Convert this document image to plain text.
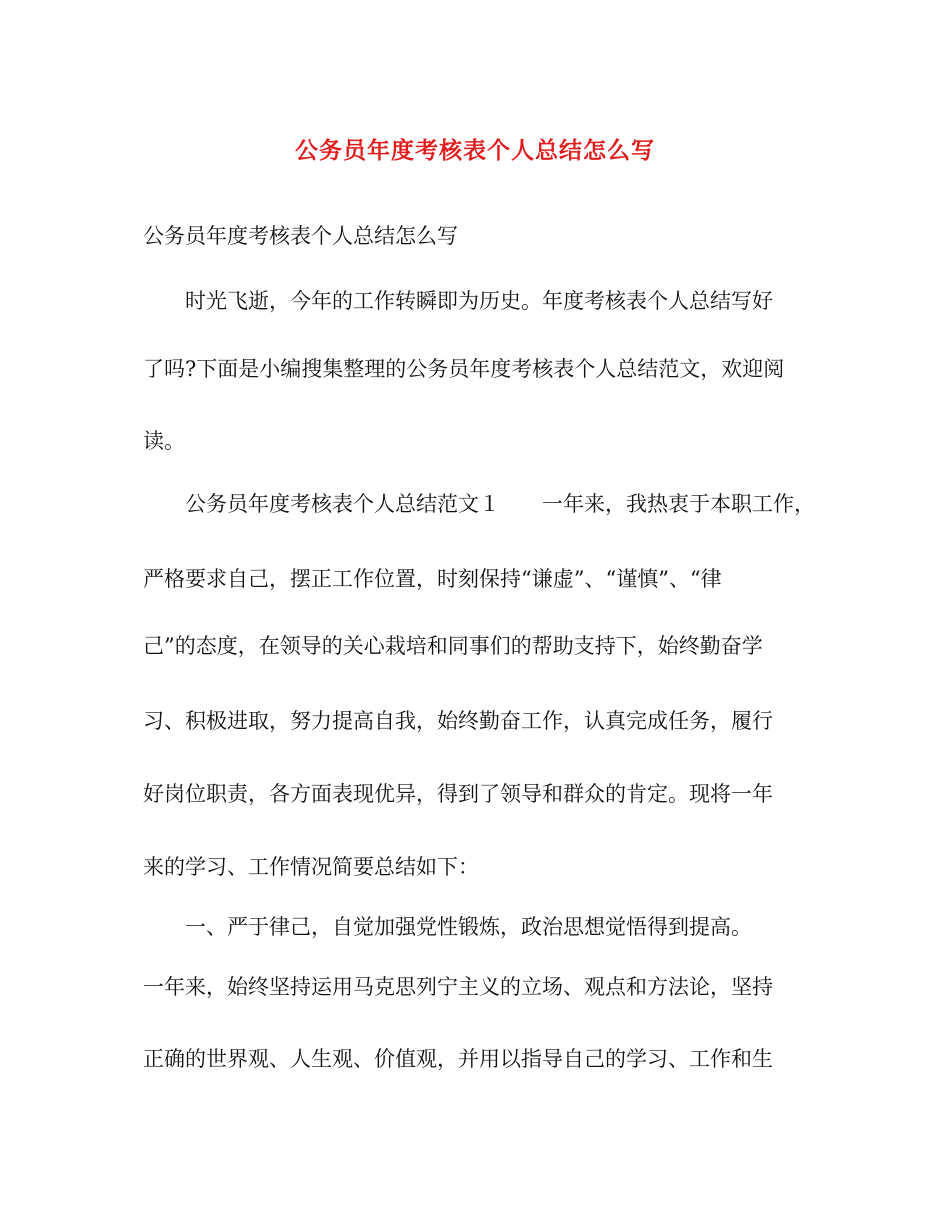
公务员年度考核表个人总结怎么写
公务员年度考核表个人总结怎么写
时光飞逝，今年的工作转瞬即为历史。年度考核表个人总结写好
了吗?下面是小编搜集整理的公务员年度考核表个人总结范文，欢迎阅
读。
公务员年度考核表个人总结范文１　　一年来，我热衷于本职工作，
严格要求自己，摆正工作位置，时刻保持“谦虚”、“谨慎”、“律
己”的态度，在领导的关心栽培和同事们的帮助支持下，始终勤奋学
习、积极进取，努力提高自我，始终勤奋工作，认真完成任务，履行
好岗位职责，各方面表现优异，得到了领导和群众的肯定。现将一年
来的学习、工作情况简要总结如下：
一、严于律己，自觉加强党性锻炼，政治思想觉悟得到提高。
一年来，始终坚持运用马克思列宁主义的立场、观点和方法论，坚持
正确的世界观、人生观、价值观，并用以指导自己的学习、工作和生
